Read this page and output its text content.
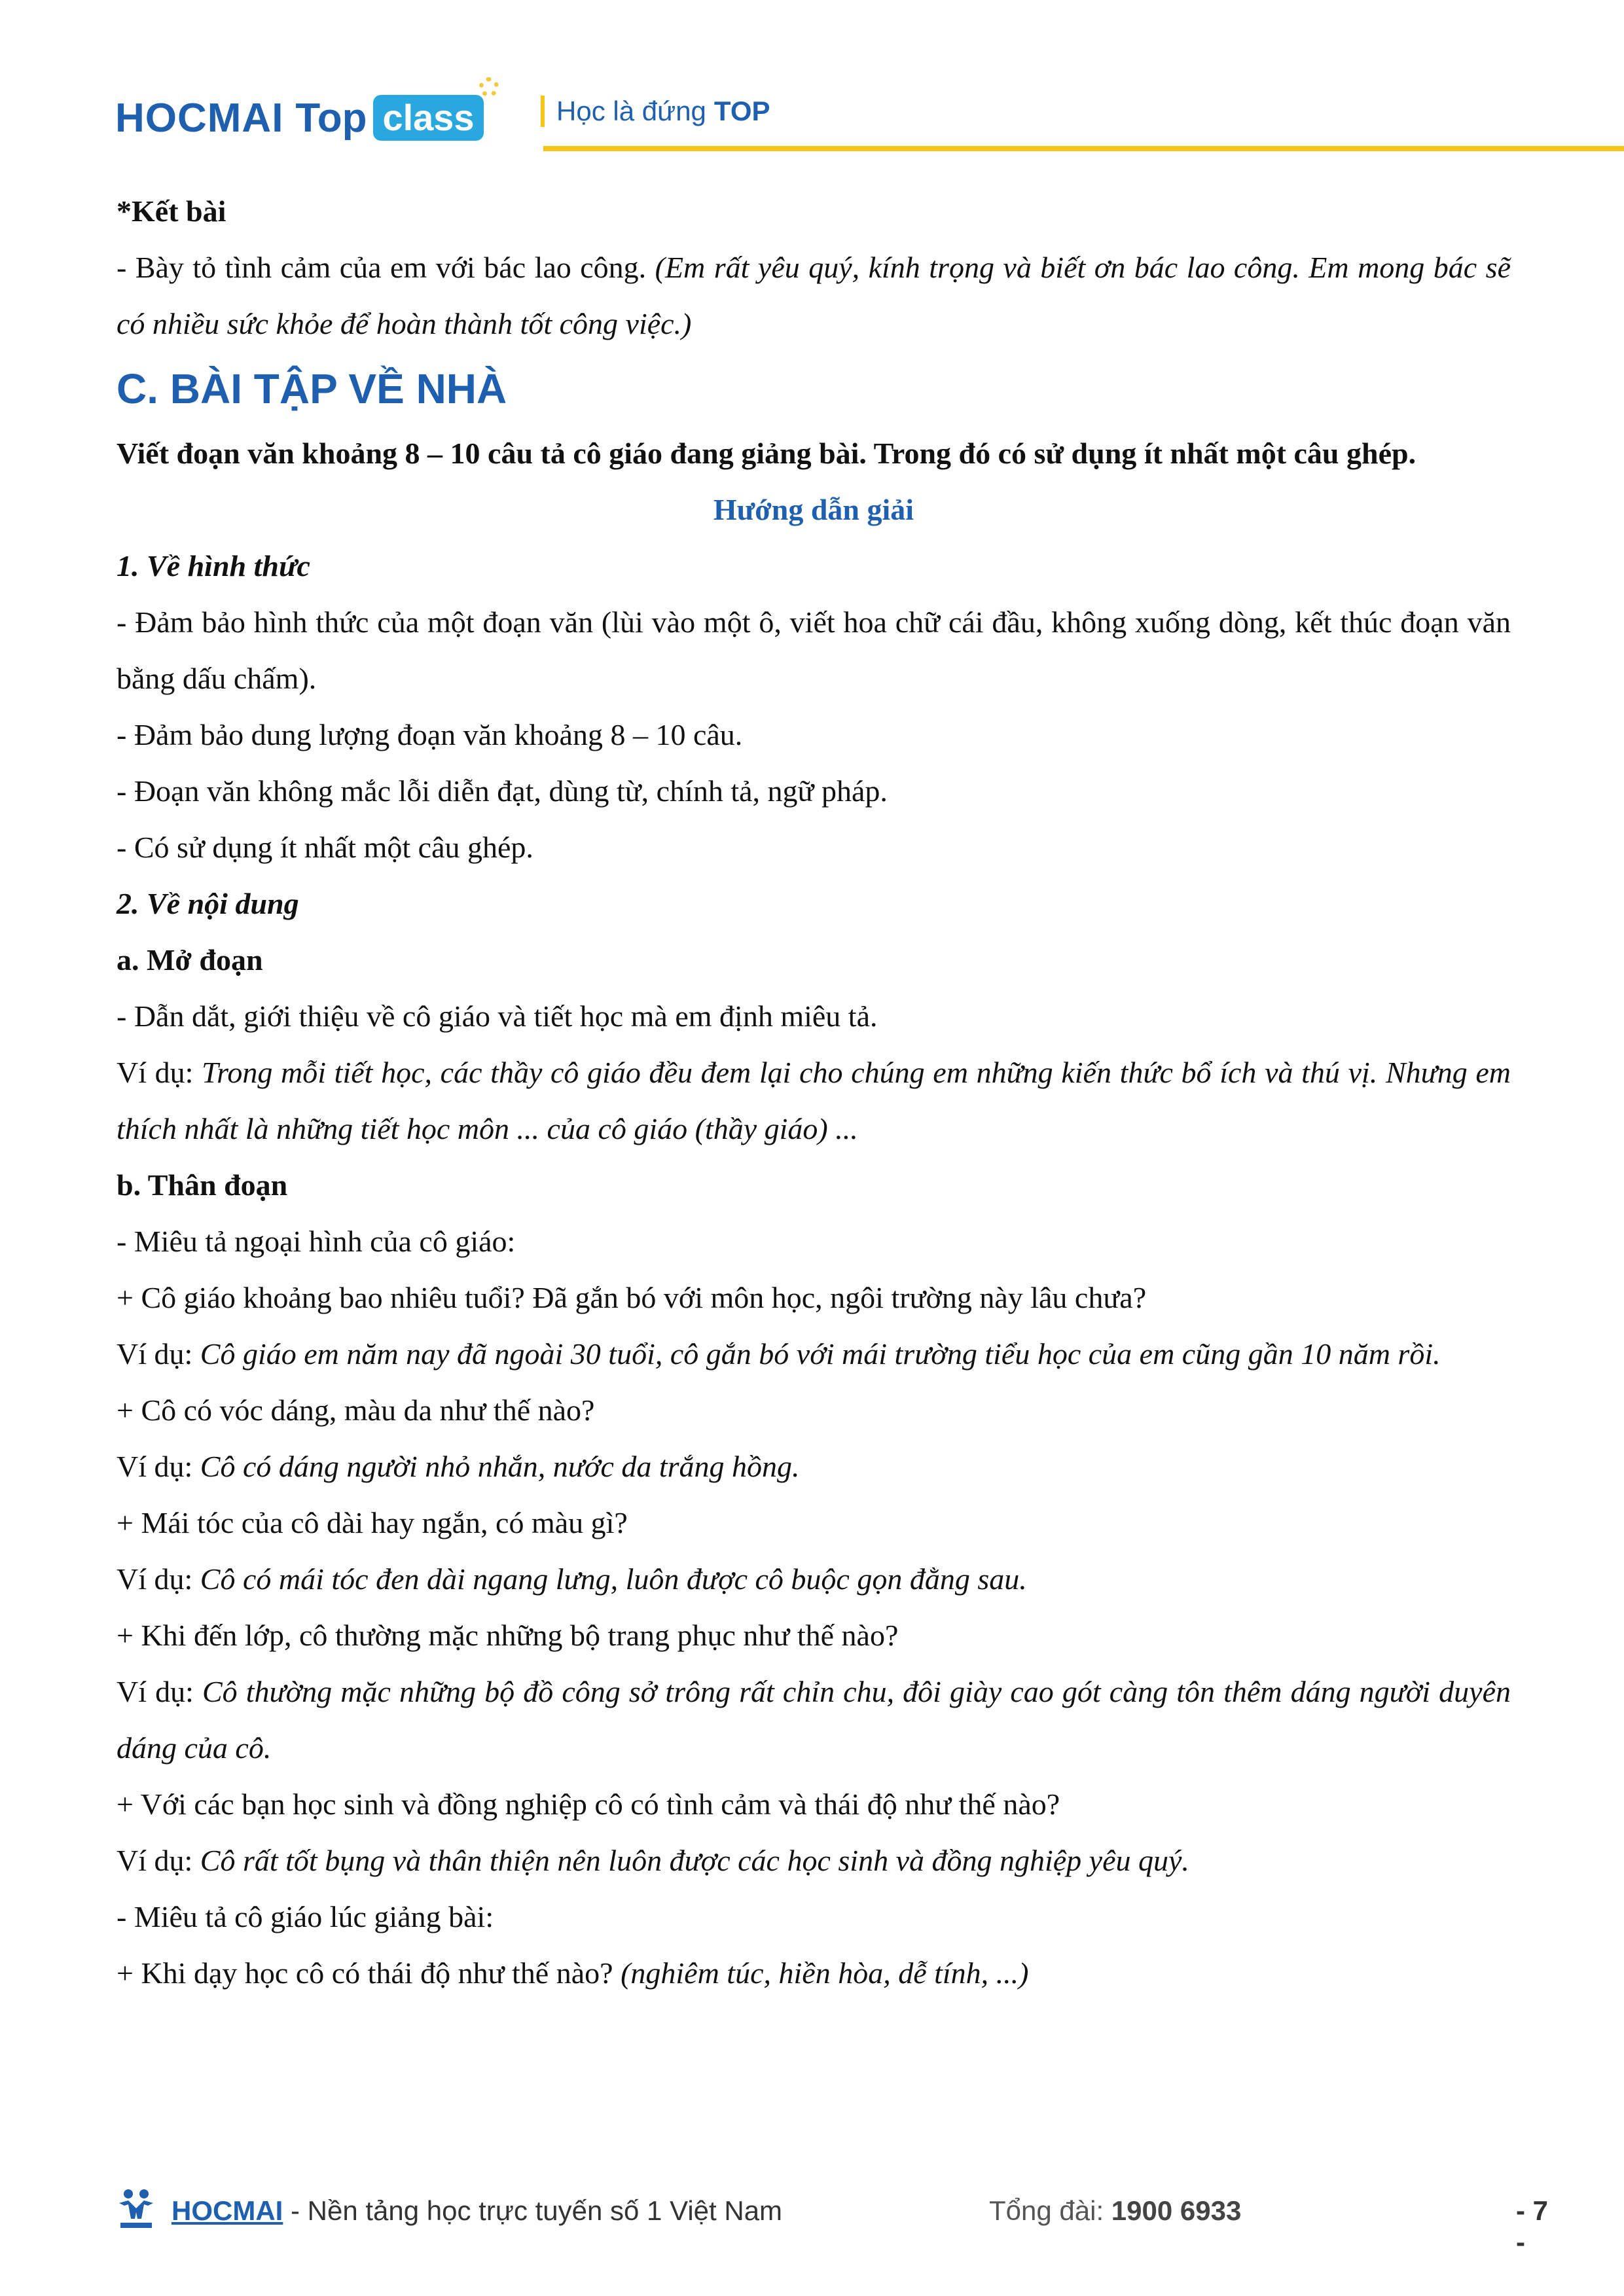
HOCMAI Top class	Học là đứng TOP

*Kết bài

- Bày tỏ tình cảm của em với bác lao công. (Em rất yêu quý, kính trọng và biết ơn bác lao công. Em mong bác sẽ có nhiều sức khỏe để hoàn thành tốt công việc.)

C. BÀI TẬP VỀ NHÀ

Viết đoạn văn khoảng 8 – 10 câu tả cô giáo đang giảng bài. Trong đó có sử dụng ít nhất một câu ghép.

Hướng dẫn giải

1. Về hình thức

- Đảm bảo hình thức của một đoạn văn (lùi vào một ô, viết hoa chữ cái đầu, không xuống dòng, kết thúc đoạn văn bằng dấu chấm).

- Đảm bảo dung lượng đoạn văn khoảng 8 – 10 câu.

- Đoạn văn không mắc lỗi diễn đạt, dùng từ, chính tả, ngữ pháp.

- Có sử dụng ít nhất một câu ghép.

2. Về nội dung

a. Mở đoạn

- Dẫn dắt, giới thiệu về cô giáo và tiết học mà em định miêu tả.

Ví dụ: Trong mỗi tiết học, các thầy cô giáo đều đem lại cho chúng em những kiến thức bổ ích và thú vị. Nhưng em thích nhất là những tiết học môn ... của cô giáo (thầy giáo) ...

b. Thân đoạn

- Miêu tả ngoại hình của cô giáo:

+ Cô giáo khoảng bao nhiêu tuổi? Đã gắn bó với môn học, ngôi trường này lâu chưa?

Ví dụ: Cô giáo em năm nay đã ngoài 30 tuổi, cô gắn bó với mái trường tiểu học của em cũng gần 10 năm rồi.

+ Cô có vóc dáng, màu da như thế nào?

Ví dụ: Cô có dáng người nhỏ nhắn, nước da trắng hồng.

+ Mái tóc của cô dài hay ngắn, có màu gì?

Ví dụ: Cô có mái tóc đen dài ngang lưng, luôn được cô buộc gọn đằng sau.

+ Khi đến lớp, cô thường mặc những bộ trang phục như thế nào?

Ví dụ: Cô thường mặc những bộ đồ công sở trông rất chỉn chu, đôi giày cao gót càng tôn thêm dáng người duyên dáng của cô.

+ Với các bạn học sinh và đồng nghiệp cô có tình cảm và thái độ như thế nào?

Ví dụ: Cô rất tốt bụng và thân thiện nên luôn được các học sinh và đồng nghiệp yêu quý.

- Miêu tả cô giáo lúc giảng bài:

+ Khi dạy học cô có thái độ như thế nào? (nghiêm túc, hiền hòa, dễ tính, ...)

HOCMAI - Nền tảng học trực tuyến số 1 Việt Nam	Tổng đài: 1900 6933	- 7 -
